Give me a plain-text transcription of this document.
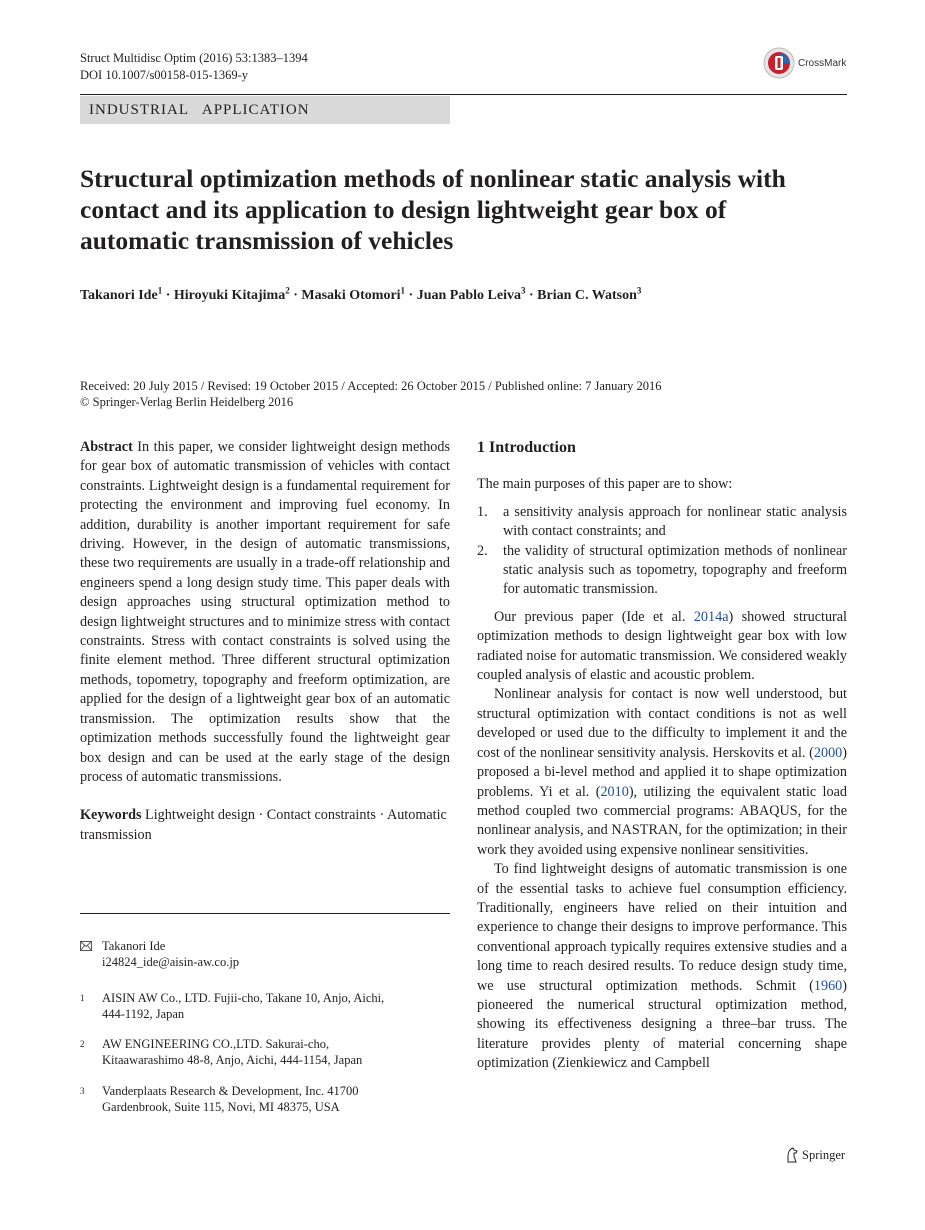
Struct Multidisc Optim (2016) 53:1383–1394
DOI 10.1007/s00158-015-1369-y
CrossMark
INDUSTRIAL   APPLICATION
Structural optimization methods of nonlinear static analysis with contact and its application to design lightweight gear box of automatic transmission of vehicles
Takanori Ide$^1$ · Hiroyuki Kitajima$^2$ · Masaki Otomori$^1$ · Juan Pablo Leiva$^3$ · Brian C. Watson$^3$
Received: 20 July 2015 / Revised: 19 October 2015 / Accepted: 26 October 2015 / Published online: 7 January 2016
© Springer-Verlag Berlin Heidelberg 2016

Abstract In this paper, we consider lightweight design methods for gear box of automatic transmission of vehicles with contact constraints. Lightweight design is a fundamental requirement for protecting the environment and improving fuel economy. In addition, durability is another important requirement for safe driving. However, in the design of automatic transmissions, these two requirements are usually in a trade-off relationship and engineers spend a long design study time. This paper deals with design approaches using structural optimization method to design lightweight structures and to minimize stress with contact constraints. Stress with contact constraints is solved using the finite element method. Three different structural optimization methods, topometry, topography and freeform optimization, are applied for the design of a lightweight gear box of an automatic transmission. The optimization results show that the optimization methods successfully found the lightweight gear box design and can be used at the early stage of the design process of automatic transmissions.

Keywords Lightweight design · Contact constraints · Automatic transmission

Takanori Ide
i24824_ide@aisin-aw.co.jp
1 AISIN AW Co., LTD. Fujii-cho, Takane 10, Anjo, Aichi, 444-1192, Japan
2 AW ENGINEERING CO.,LTD. Sakurai-cho, Kitaawarashimo 48-8, Anjo, Aichi, 444-1154, Japan
3 Vanderplaats Research & Development, Inc. 41700 Gardenbrook, Suite 115, Novi, MI 48375, USA

1 Introduction

The main purposes of this paper are to show:

1. a sensitivity analysis approach for nonlinear static analysis with contact constraints; and
2. the validity of structural optimization methods of nonlinear static analysis such as topometry, topography and freeform for automatic transmission.

Our previous paper (Ide et al. 2014a) showed structural optimization methods to design lightweight gear box with low radiated noise for automatic transmission. We considered weakly coupled analysis of elastic and acoustic problem.

Nonlinear analysis for contact is now well understood, but structural optimization with contact conditions is not as well developed or used due to the difficulty to implement it and the cost of the nonlinear sensitivity analysis. Herskovits et al. (2000) proposed a bi-level method and applied it to shape optimization problems. Yi et al. (2010), utilizing the equivalent static load method coupled two commercial programs: ABAQUS, for the nonlinear analysis, and NASTRAN, for the optimization; in their work they avoided using expensive nonlinear sensitivities.

To find lightweight designs of automatic transmission is one of the essential tasks to achieve fuel consumption efficiency. Traditionally, engineers have relied on their intuition and experience to change their designs to improve performance. This conventional approach typically requires extensive studies and a long time to reach desired results. To reduce design study time, we use structural optimization methods. Schmit (1960) pioneered the numerical structural optimization method, showing its effectiveness designing a three–bar truss. The literature provides plenty of material concerning shape optimization (Zienkiewicz and Campbell

Springer
